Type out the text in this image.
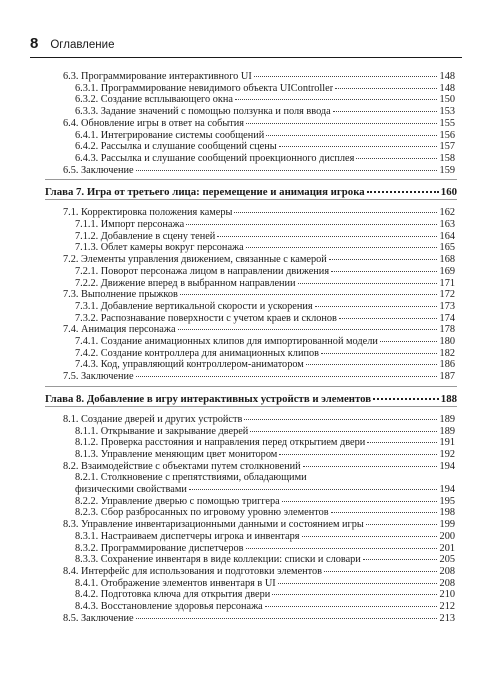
8 Оглавление
6.3. Программирование интерактивного UI	148
6.3.1. Программирование невидимого объекта UIController	148
6.3.2. Создание всплывающего окна	150
6.3.3. Задание значений с помощью ползунка и поля ввода	153
6.4. Обновление игры в ответ на события	155
6.4.1. Интегрирование системы сообщений	156
6.4.2. Рассылка и слушание сообщений сцены	157
6.4.3. Рассылка и слушание сообщений проекционного дисплея	158
6.5. Заключение	159
Глава 7. Игра от третьего лица: перемещение и анимация игрока	160
7.1. Корректировка положения камеры	162
7.1.1. Импорт персонажа	163
7.1.2. Добавление в сцену теней	164
7.1.3. Облет камеры вокруг персонажа	165
7.2. Элементы управления движением, связанные с камерой	168
7.2.1. Поворот персонажа лицом в направлении движения	169
7.2.2. Движение вперед в выбранном направлении	171
7.3. Выполнение прыжков	172
7.3.1. Добавление вертикальной скорости и ускорения	173
7.3.2. Распознавание поверхности с учетом краев и склонов	174
7.4. Анимация персонажа	178
7.4.1. Создание анимационных клипов для импортированной модели	180
7.4.2. Создание контроллера для анимационных клипов	182
7.4.3. Код, управляющий контроллером-аниматором	186
7.5. Заключение	187
Глава 8. Добавление в игру интерактивных устройств и элементов	188
8.1. Создание дверей и других устройств	189
8.1.1. Открывание и закрывание дверей	189
8.1.2. Проверка расстояния и направления перед открытием двери	191
8.1.3. Управление меняющим цвет монитором	192
8.2. Взаимодействие с объектами путем столкновений	194
8.2.1. Столкновение с препятствиями, обладающими
физическими свойствами	194
8.2.2. Управление дверью с помощью триггера	195
8.2.3. Сбор разбросанных по игровому уровню элементов	198
8.3. Управление инвентаризационными данными и состоянием игры	199
8.3.1. Настраиваем диспетчеры игрока и инвентаря	200
8.3.2. Программирование диспетчеров	201
8.3.3. Сохранение инвентаря в виде коллекции: списки и словари	205
8.4. Интерфейс для использования и подготовки элементов	208
8.4.1. Отображение элементов инвентаря в UI	208
8.4.2. Подготовка ключа для открытия двери	210
8.4.3. Восстановление здоровья персонажа	212
8.5. Заключение	213
